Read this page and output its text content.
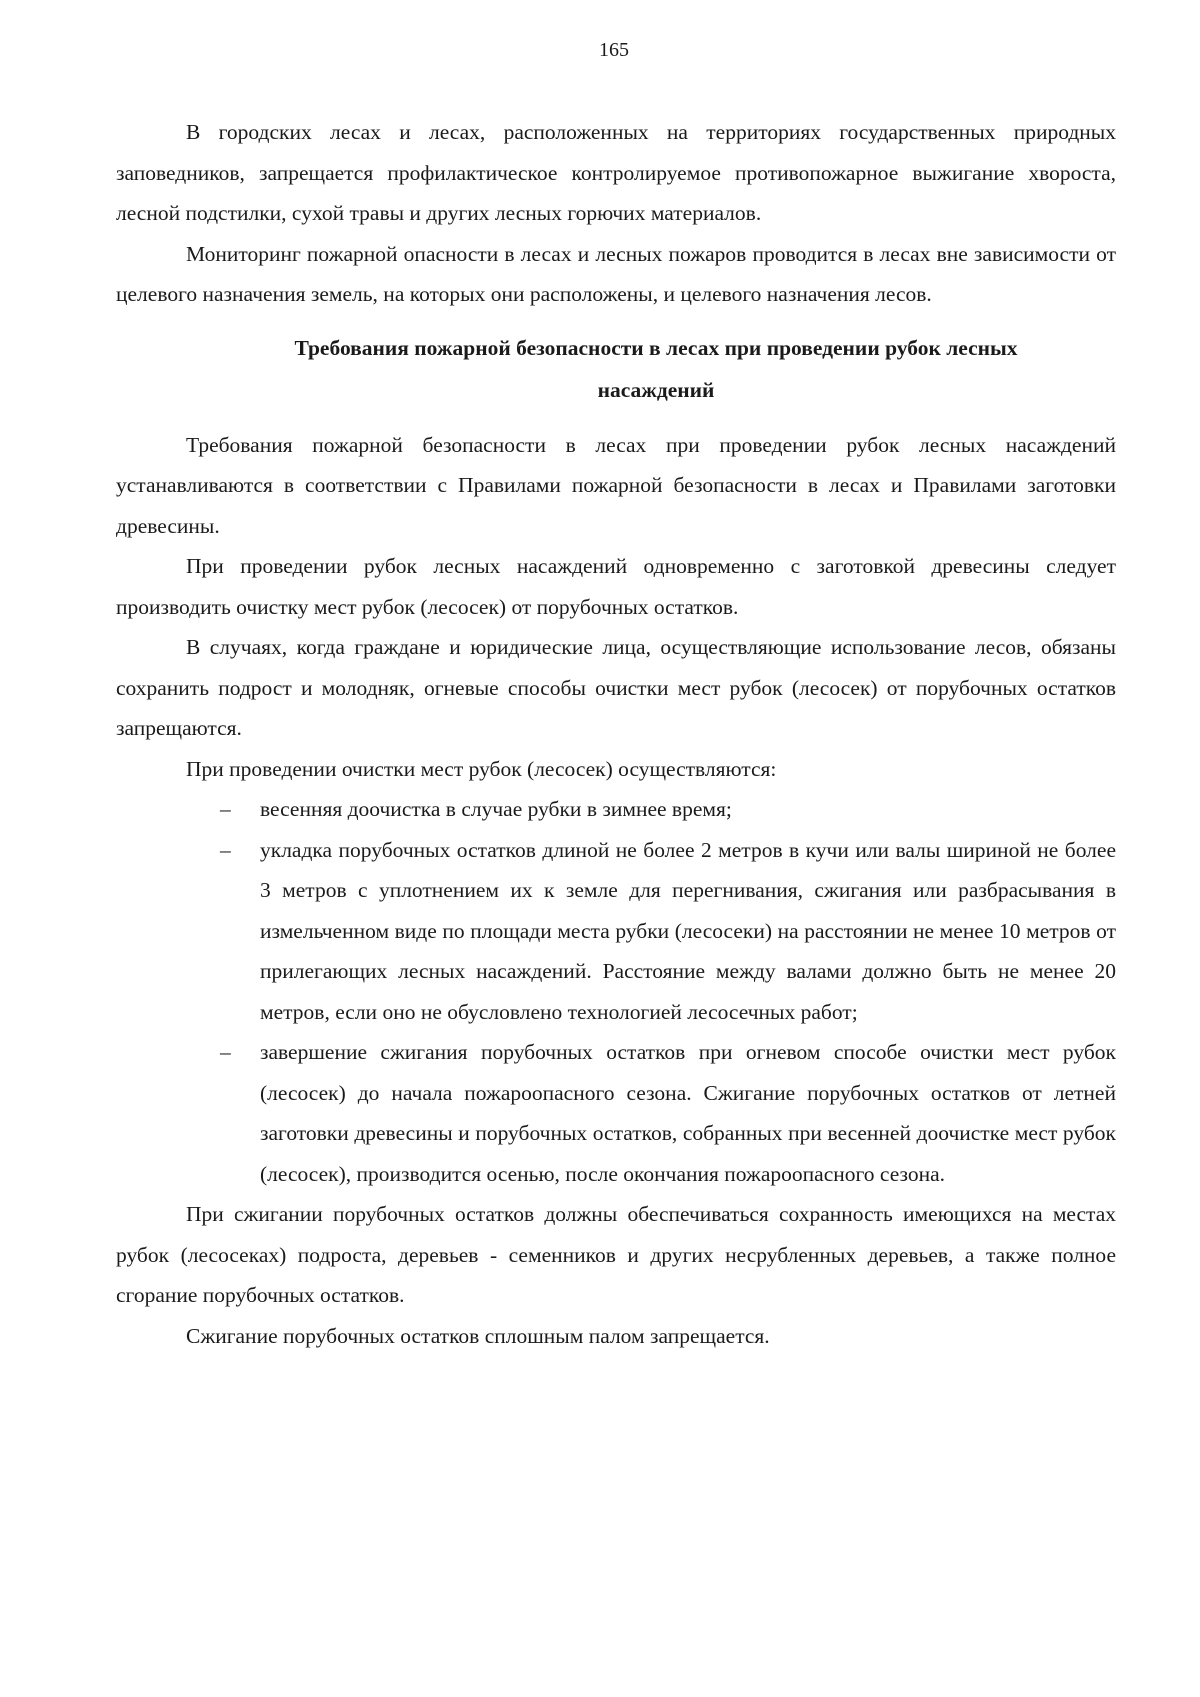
165

В городских лесах и лесах, расположенных на территориях государственных природных заповедников, запрещается профилактическое контролируемое противопожарное выжигание хвороста, лесной подстилки, сухой травы и других лесных горючих материалов.

Мониторинг пожарной опасности в лесах и лесных пожаров проводится в лесах вне зависимости от целевого назначения земель, на которых они расположены, и целевого назначения лесов.

Требования пожарной безопасности в лесах при проведении рубок лесных насаждений

Требования пожарной безопасности в лесах при проведении рубок лесных насаждений устанавливаются в соответствии с Правилами пожарной безопасности в лесах и Правилами заготовки древесины.

При проведении рубок лесных насаждений одновременно с заготовкой древесины следует производить очистку мест рубок (лесосек) от порубочных остатков.

В случаях, когда граждане и юридические лица, осуществляющие использование лесов, обязаны сохранить подрост и молодняк, огневые способы очистки мест рубок (лесосек) от порубочных остатков запрещаются.

При проведении очистки мест рубок (лесосек) осуществляются:

– весенняя доочистка в случае рубки в зимнее время;
– укладка порубочных остатков длиной не более 2 метров в кучи или валы шириной не более 3 метров с уплотнением их к земле для перегнивания, сжигания или разбрасывания в измельченном виде по площади места рубки (лесосеки) на расстоянии не менее 10 метров от прилегающих лесных насаждений. Расстояние между валами должно быть не менее 20 метров, если оно не обусловлено технологией лесосечных работ;
– завершение сжигания порубочных остатков при огневом способе очистки мест рубок (лесосек) до начала пожароопасного сезона. Сжигание порубочных остатков от летней заготовки древесины и порубочных остатков, собранных при весенней доочистке мест рубок (лесосек), производится осенью, после окончания пожароопасного сезона.

При сжигании порубочных остатков должны обеспечиваться сохранность имеющихся на местах рубок (лесосеках) подроста, деревьев - семенников и других несрубленных деревьев, а также полное сгорание порубочных остатков.

Сжигание порубочных остатков сплошным палом запрещается.
